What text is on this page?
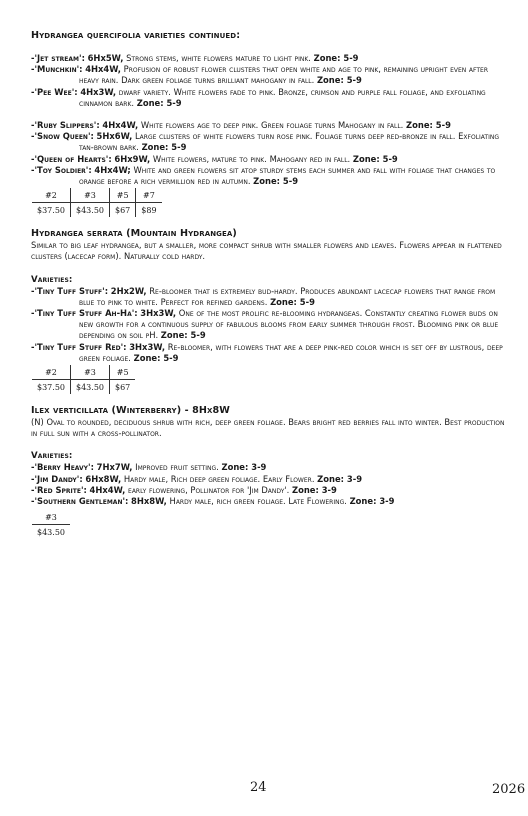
Hydrangea quercifolia varieties continued:

-'Jet stream': 6Hx5W, Strong stems, white flowers mature to light pink. Zone: 5-9

-'Munchkin': 4Hx4W, Profusion of robust flower clusters that open white and age to pink, remaining upright even after heavy rain. Dark green foliage turns brilliant mahogany in fall. Zone: 5-9

-'Pee Wee': 4Hx3W, dwarf variety. White flowers fade to pink. Bronze, crimson and purple fall foliage, and exfoliating cinnamon bark. Zone: 5-9

-'Ruby Slippers': 4Hx4W, White flowers age to deep pink. Green foliage turns Mahogany in fall. Zone: 5-9

-'Snow Queen': 5Hx6W, Large clusters of white flowers turn rose pink. Foliage turns deep red-bronze in fall. Exfoliating tan-brown bark. Zone: 5-9

-'Queen of Hearts': 6Hx9W, White flowers, mature to pink. Mahogany red in fall. Zone: 5-9

-'Toy Soldier': 4Hx4W; White and green flowers sit atop sturdy stems each summer and fall with foliage that changes to orange before a rich vermillion red in autumn. Zone: 5-9

#2	#3	#5	#7
$37.50	$43.50	$67	$89

Hydrangea serrata (Mountain Hydrangea)

Similar to big leaf hydrangea, but a smaller, more compact shrub with smaller flowers and leaves. Flowers appear in flattened clusters (lacecap form). Naturally cold hardy.

Varieties:

-'Tiny Tuff Stuff': 2Hx2W, Re-bloomer that is extremely bud-hardy. Produces abundant lacecap flowers that range from blue to pink to white. Perfect for refined gardens. Zone: 5-9

-'Tiny Tuff Stuff Ah-Ha': 3Hx3W, One of the most prolific re-blooming hydrangeas. Constantly creating flower buds on new growth for a continuous supply of fabulous blooms from early summer through frost. Blooming pink or blue depending on soil pH. Zone: 5-9

-'Tiny Tuff Stuff Red': 3Hx3W, Re-bloomer, with flowers that are a deep pink-red color which is set off by lustrous, deep green foliage. Zone: 5-9

#2	#3	#5
$37.50	$43.50	$67

Ilex verticillata (Winterberry) - 8Hx8W

(N) Oval to rounded, deciduous shrub with rich, deep green foliage. Bears bright red berries fall into winter. Best production in full sun with a cross-pollinator.

Varieties:

-'Berry Heavy': 7Hx7W, Improved fruit setting. Zone: 3-9

-'Jim Dandy': 6Hx8W, Hardy male, Rich deep green foliage. Early Flower. Zone: 3-9

-'Red Sprite': 4Hx4W, early flowering, Pollinator for 'Jim Dandy'. Zone: 3-9

-'Southern Gentleman': 8Hx8W, Hardy male, rich green foliage. Late Flowering. Zone: 3-9

#3
$43.50
24	2026
